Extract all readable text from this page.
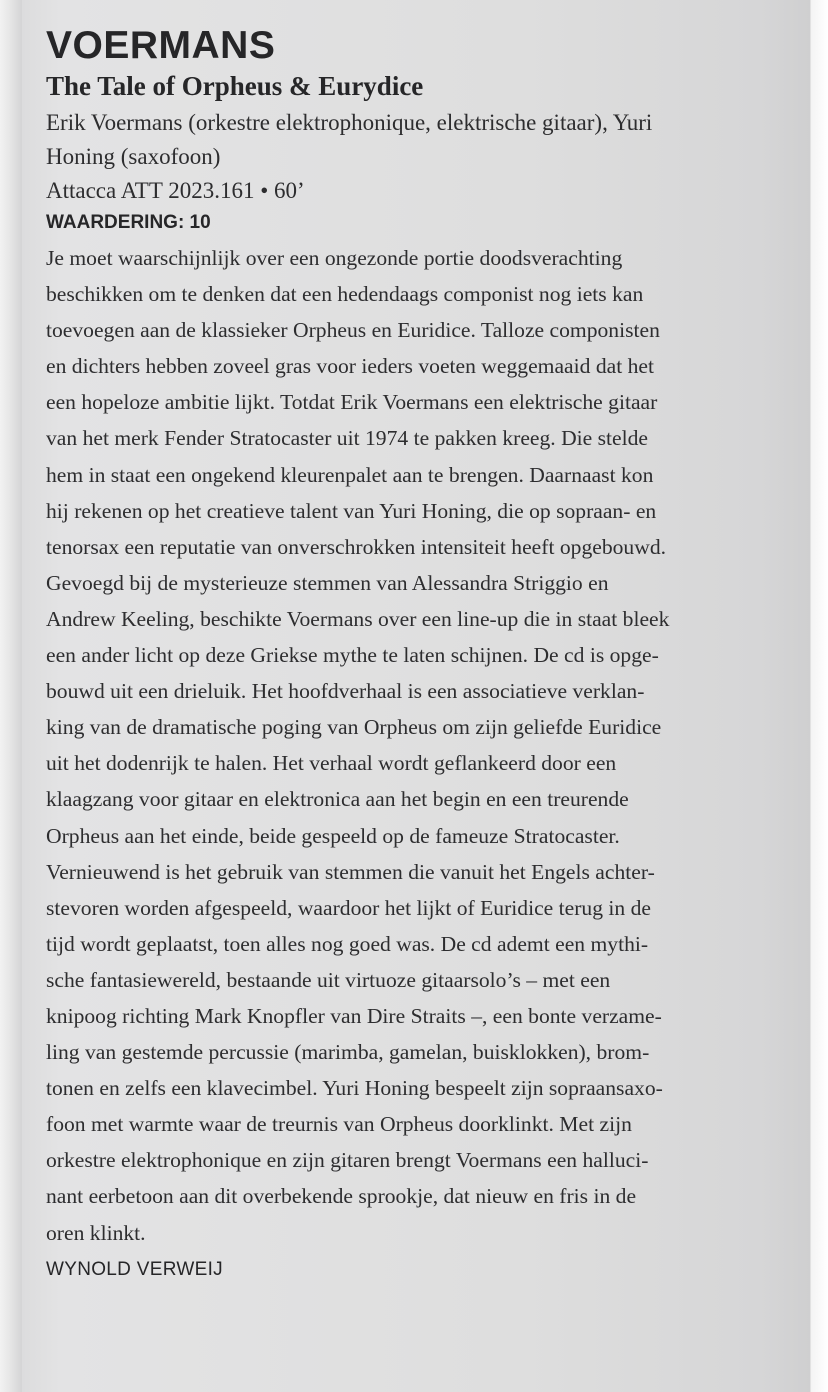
VOERMANS
The Tale of Orpheus & Eurydice
Erik Voermans (orkestre elektrophonique, elektrische gitaar), Yuri
Honing (saxofoon)
Attacca ATT 2023.161 • 60’
WAARDERING: 10
Je moet waarschijnlijk over een ongezonde portie doodsverachting
beschikken om te denken dat een hedendaags componist nog iets kan
toevoegen aan de klassieker Orpheus en Euridice. Talloze componisten
en dichters hebben zoveel gras voor ieders voeten weggemaaid dat het
een hopeloze ambitie lijkt. Totdat Erik Voermans een elektrische gitaar
van het merk Fender Stratocaster uit 1974 te pakken kreeg. Die stelde
hem in staat een ongekend kleurenpalet aan te brengen. Daarnaast kon
hij rekenen op het creatieve talent van Yuri Honing, die op sopraan- en
tenorsax een reputatie van onverschrokken intensiteit heeft opgebouwd.
Gevoegd bij de mysterieuze stemmen van Alessandra Striggio en
Andrew Keeling, beschikte Voermans over een line-up die in staat bleek
een ander licht op deze Griekse mythe te laten schijnen. De cd is opge-
bouwd uit een drieluik. Het hoofdverhaal is een associatieve verklan-
king van de dramatische poging van Orpheus om zijn geliefde Euridice
uit het dodenrijk te halen. Het verhaal wordt geflankeerd door een
klaagzang voor gitaar en elektronica aan het begin en een treurende
Orpheus aan het einde, beide gespeeld op de fameuze Stratocaster.
Vernieuwend is het gebruik van stemmen die vanuit het Engels achter-
stevoren worden afgespeeld, waardoor het lijkt of Euridice terug in de
tijd wordt geplaatst, toen alles nog goed was. De cd ademt een mythi-
sche fantasiewereld, bestaande uit virtuoze gitaarsolo’s – met een
knipoog richting Mark Knopfler van Dire Straits –, een bonte verzame-
ling van gestemde percussie (marimba, gamelan, buisklokken), brom-
tonen en zelfs een klavecimbel. Yuri Honing bespeelt zijn sopraansaxo-
foon met warmte waar de treurnis van Orpheus doorklinkt. Met zijn
orkestre elektrophonique en zijn gitaren brengt Voermans een halluci-
nant eerbetoon aan dit overbekende sprookje, dat nieuw en fris in de
oren klinkt.
WYNOLD VERWEIJ
